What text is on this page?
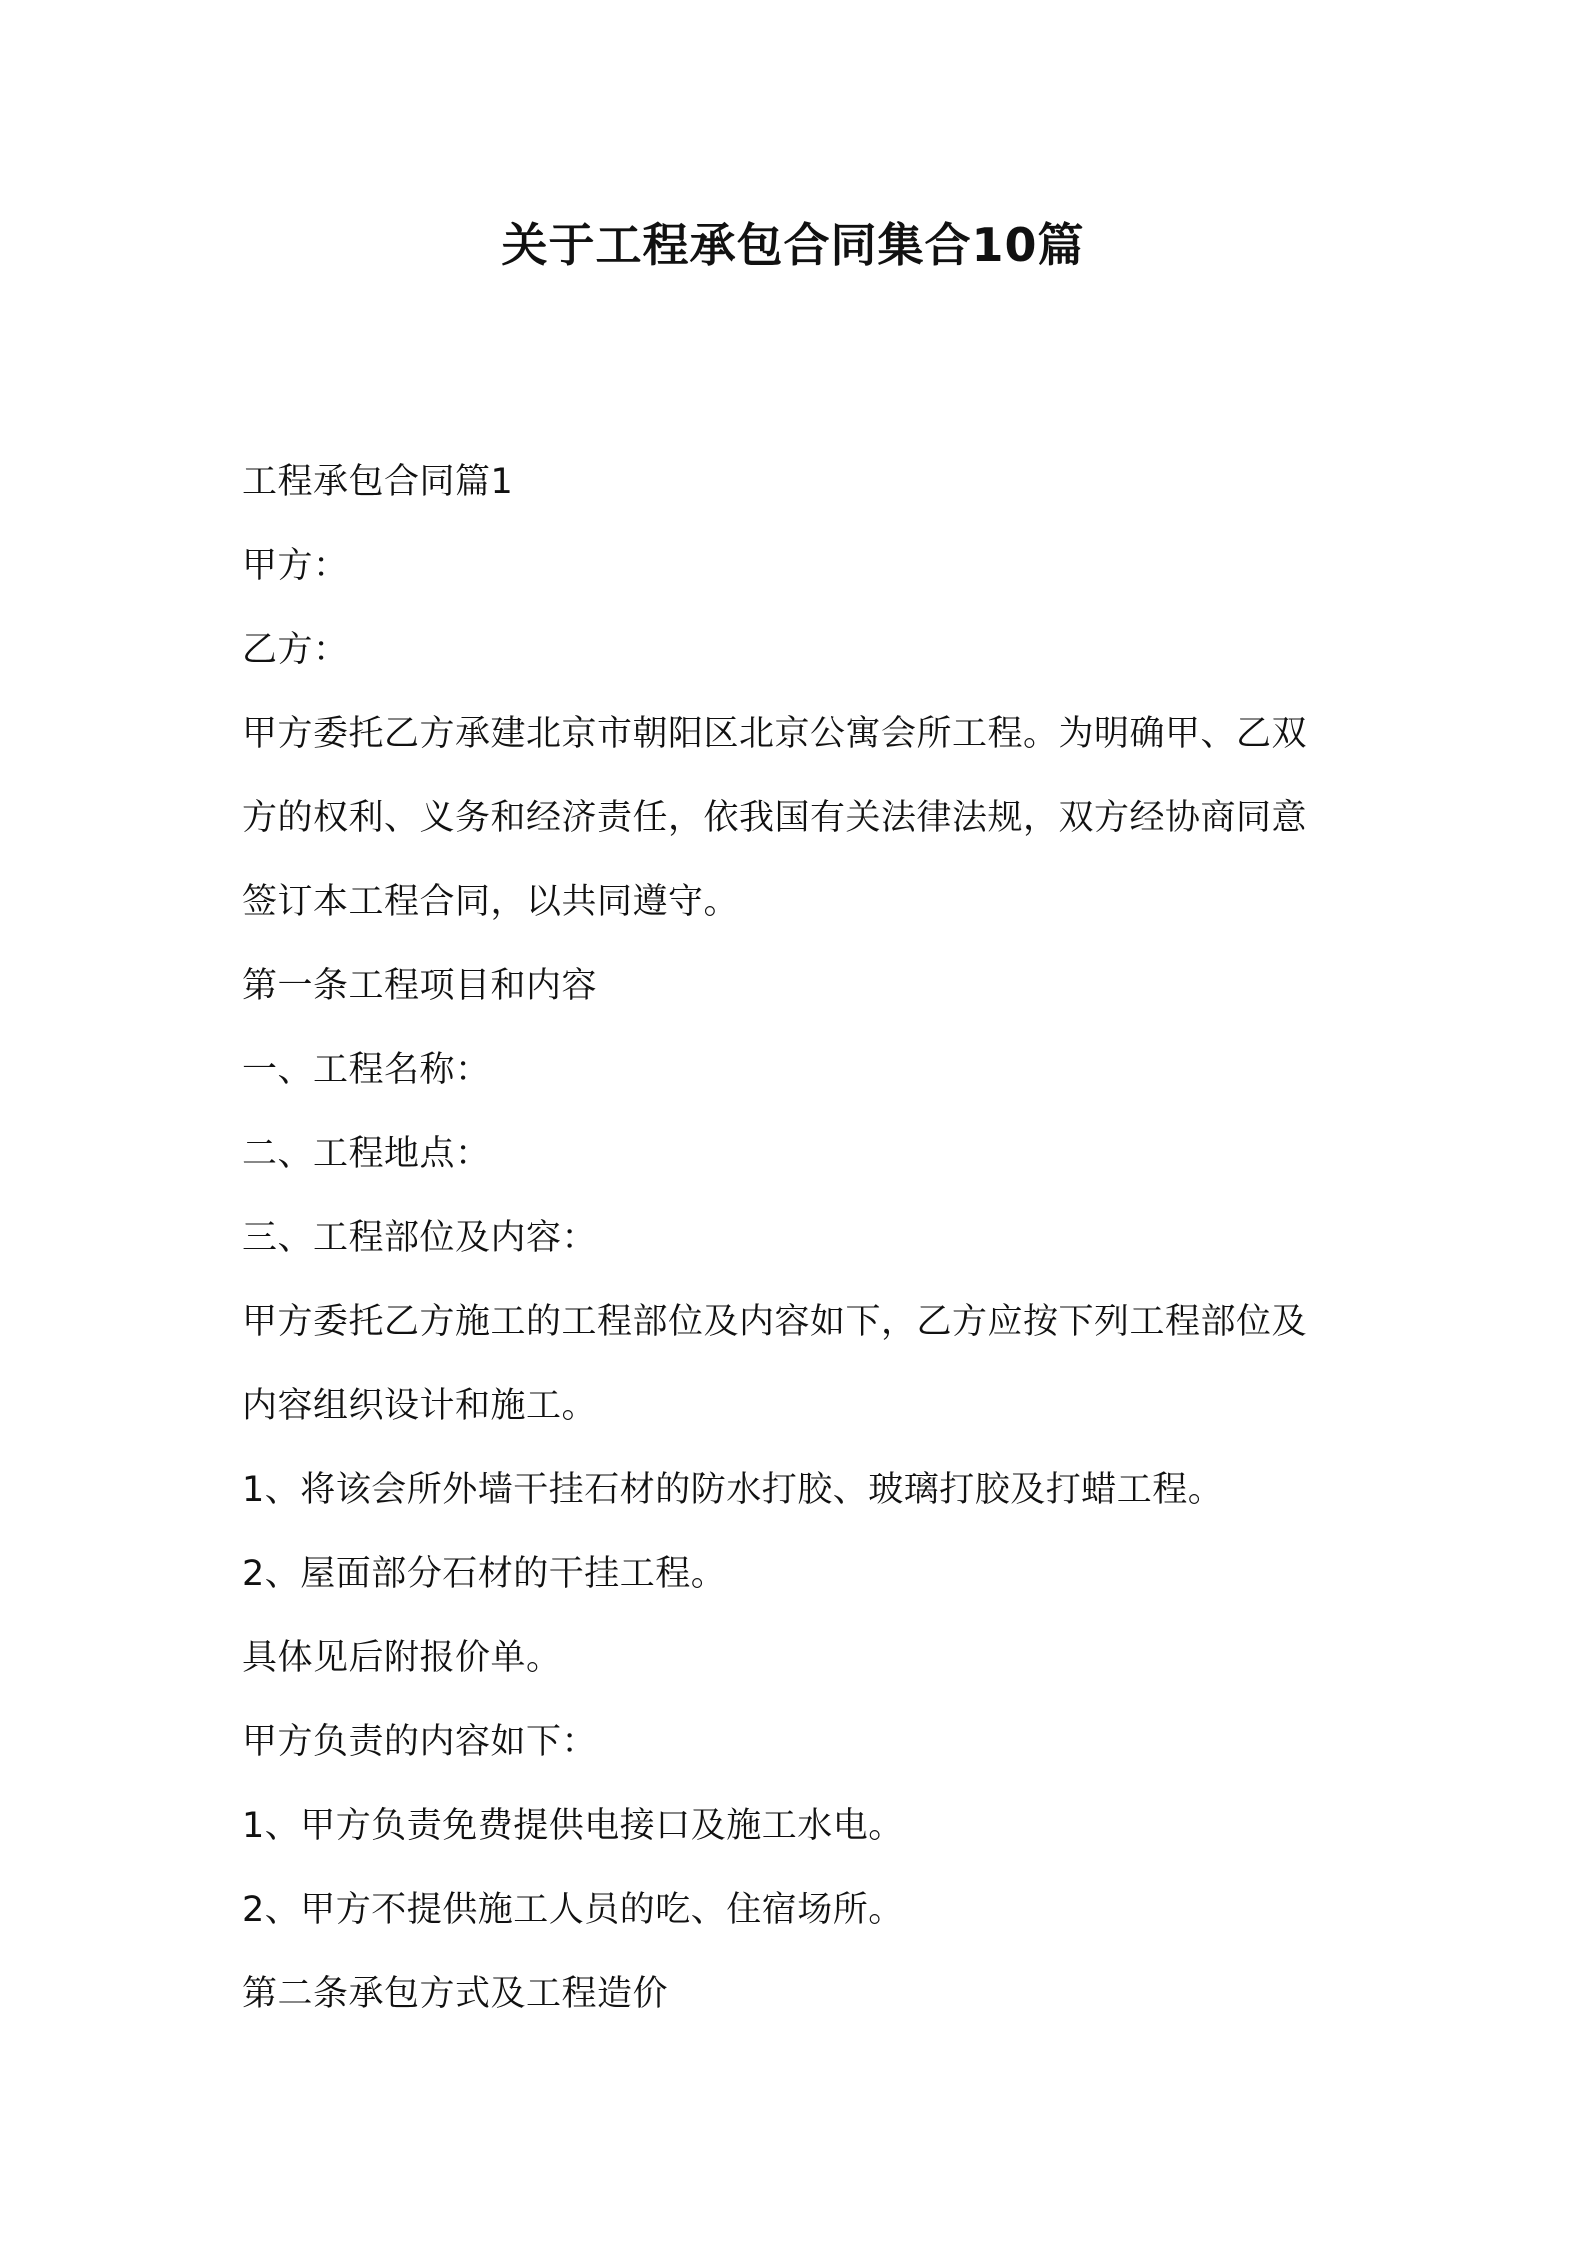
关于工程承包合同集合10篇

工程承包合同篇1

甲方：

乙方：

甲方委托乙方承建北京市朝阳区北京公寓会所工程。为明确甲、乙双

方的权利、义务和经济责任，依我国有关法律法规，双方经协商同意

签订本工程合同，以共同遵守。

第一条工程项目和内容

一、工程名称：

二、工程地点：

三、工程部位及内容：

甲方委托乙方施工的工程部位及内容如下，乙方应按下列工程部位及

内容组织设计和施工。

1、将该会所外墙干挂石材的防水打胶、玻璃打胶及打蜡工程。

2、屋面部分石材的干挂工程。

具体见后附报价单。

甲方负责的内容如下：

1、甲方负责免费提供电接口及施工水电。

2、甲方不提供施工人员的吃、住宿场所。

第二条承包方式及工程造价
